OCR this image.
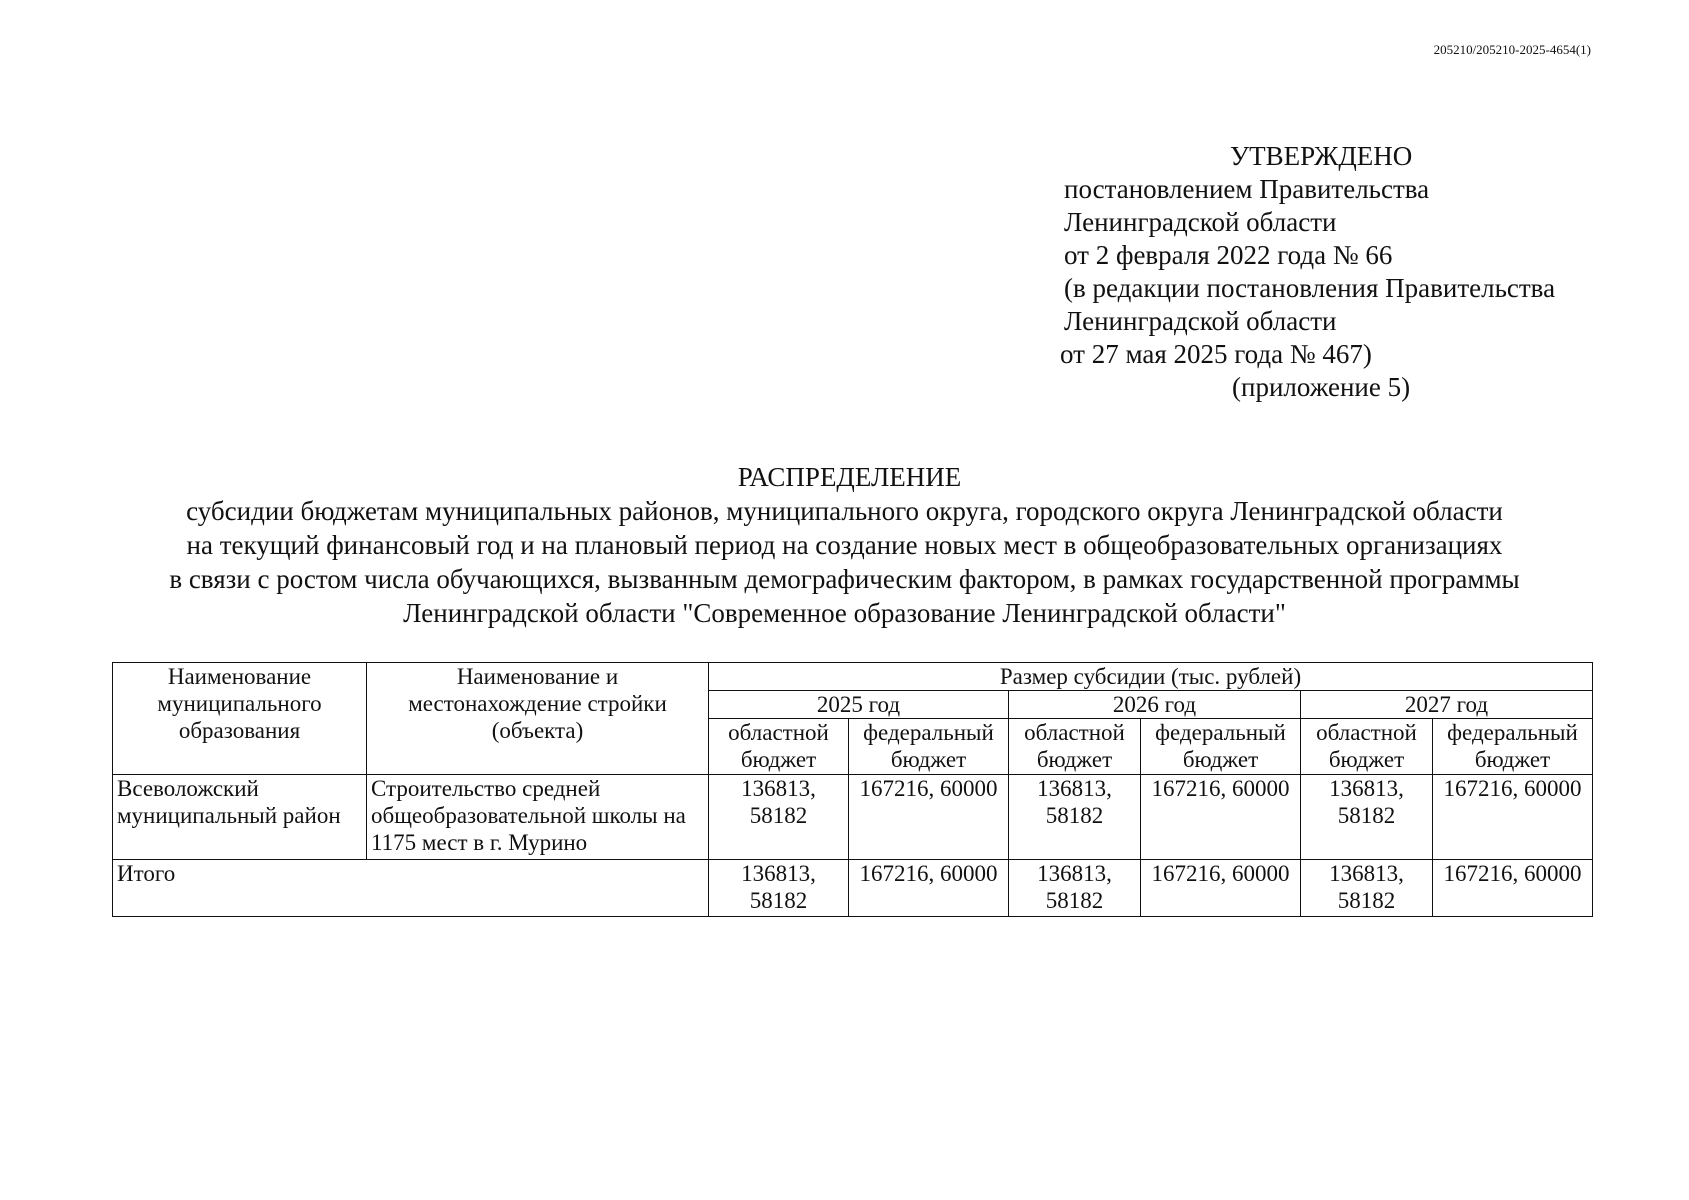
205210/205210-2025-4654(1)
УТВЕРЖДЕНО
постановлением Правительства
Ленинградской области
от 2 февраля 2022 года № 66
(в редакции постановления Правительства
Ленинградской области
от 27 мая 2025 года № 467)
(приложение 5)
РАСПРЕДЕЛЕНИЕ
субсидии бюджетам муниципальных районов, муниципального округа, городского округа Ленинградской области
на текущий финансовый год и на плановый период на создание новых мест в общеобразовательных организациях
в связи с ростом числа обучающихся, вызванным демографическим фактором, в рамках государственной программы
Ленинградской области "Современное образование Ленинградской области"
Наименование муниципального образования	Наименование и местонахождение стройки (объекта)	Размер субсидии (тыс. рублей)					
		2025 год		2026 год		2027 год	
		областной бюджет	федеральный бюджет	областной бюджет	федеральный бюджет	областной бюджет	федеральный бюджет
Всеволожский муниципальный район	Строительство средней общеобразовательной школы на 1175 мест в г. Мурино	136813, 58182	167216, 60000	136813, 58182	167216, 60000	136813, 58182	167216, 60000
Итого		136813, 58182	167216, 60000	136813, 58182	167216, 60000	136813, 58182	167216, 60000
